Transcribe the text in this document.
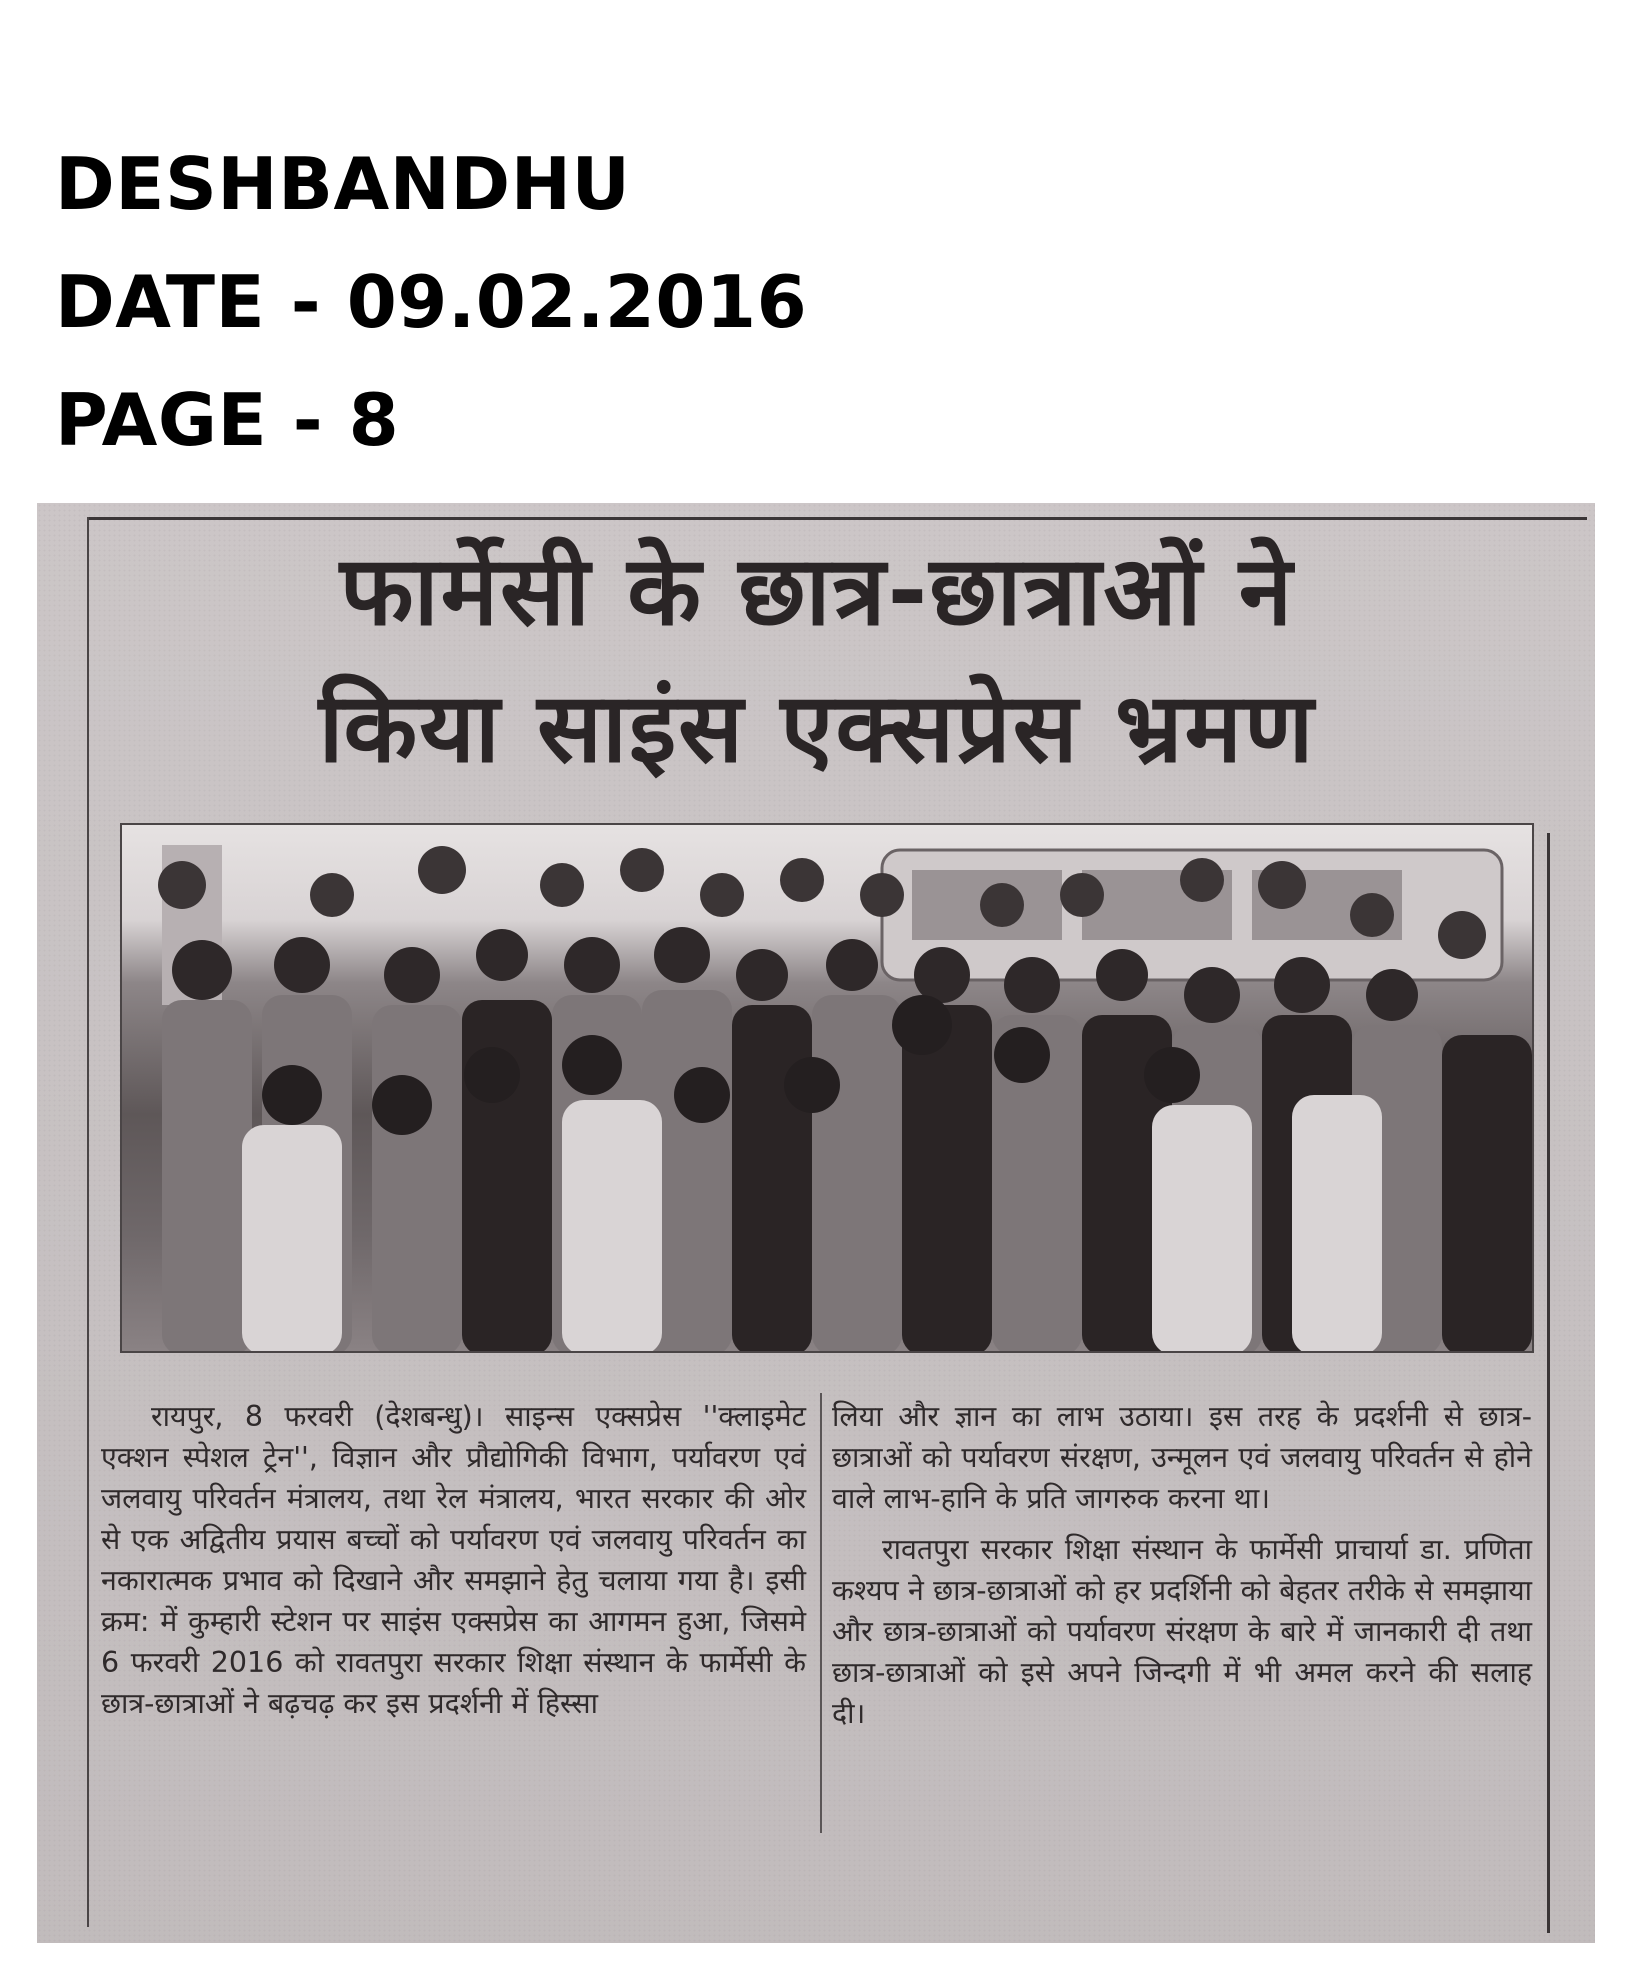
DESHBANDHU

DATE - 09.02.2016

PAGE - 8

फार्मेसी के छात्र-छात्राओं ने
किया साइंस एक्सप्रेस भ्रमण

रायपुर, 8 फरवरी (देशबन्धु)। साइन्स एक्सप्रेस ''क्लाइमेट एक्शन स्पेशल ट्रेन'', विज्ञान और प्रौद्योगिकी विभाग, पर्यावरण एवं जलवायु परिवर्तन मंत्रालय, तथा रेल मंत्रालय, भारत सरकार की ओर से एक अद्वितीय प्रयास बच्चों को पर्यावरण एवं जलवायु परिवर्तन का नकारात्मक प्रभाव को दिखाने और समझाने हेतु चलाया गया है। इसी क्रम: में कुम्हारी स्टेशन पर साइंस एक्सप्रेस का आगमन हुआ, जिसमे 6 फरवरी 2016 को रावतपुरा सरकार शिक्षा संस्थान के फार्मेसी के छात्र-छात्राओं ने बढ़चढ़ कर इस प्रदर्शनी में हिस्सा

लिया और ज्ञान का लाभ उठाया। इस तरह के प्रदर्शनी से छात्र-छात्राओं को पर्यावरण संरक्षण, उन्मूलन एवं जलवायु परिवर्तन से होने वाले लाभ-हानि के प्रति जागरुक करना था।

रावतपुरा सरकार शिक्षा संस्थान के फार्मेसी प्राचार्या डा. प्रणिता कश्यप ने छात्र-छात्राओं को हर प्रदर्शिनी को बेहतर तरीके से समझाया और छात्र-छात्राओं को पर्यावरण संरक्षण के बारे में जानकारी दी तथा छात्र-छात्राओं को इसे अपने जिन्दगी में भी अमल करने की सलाह दी।
